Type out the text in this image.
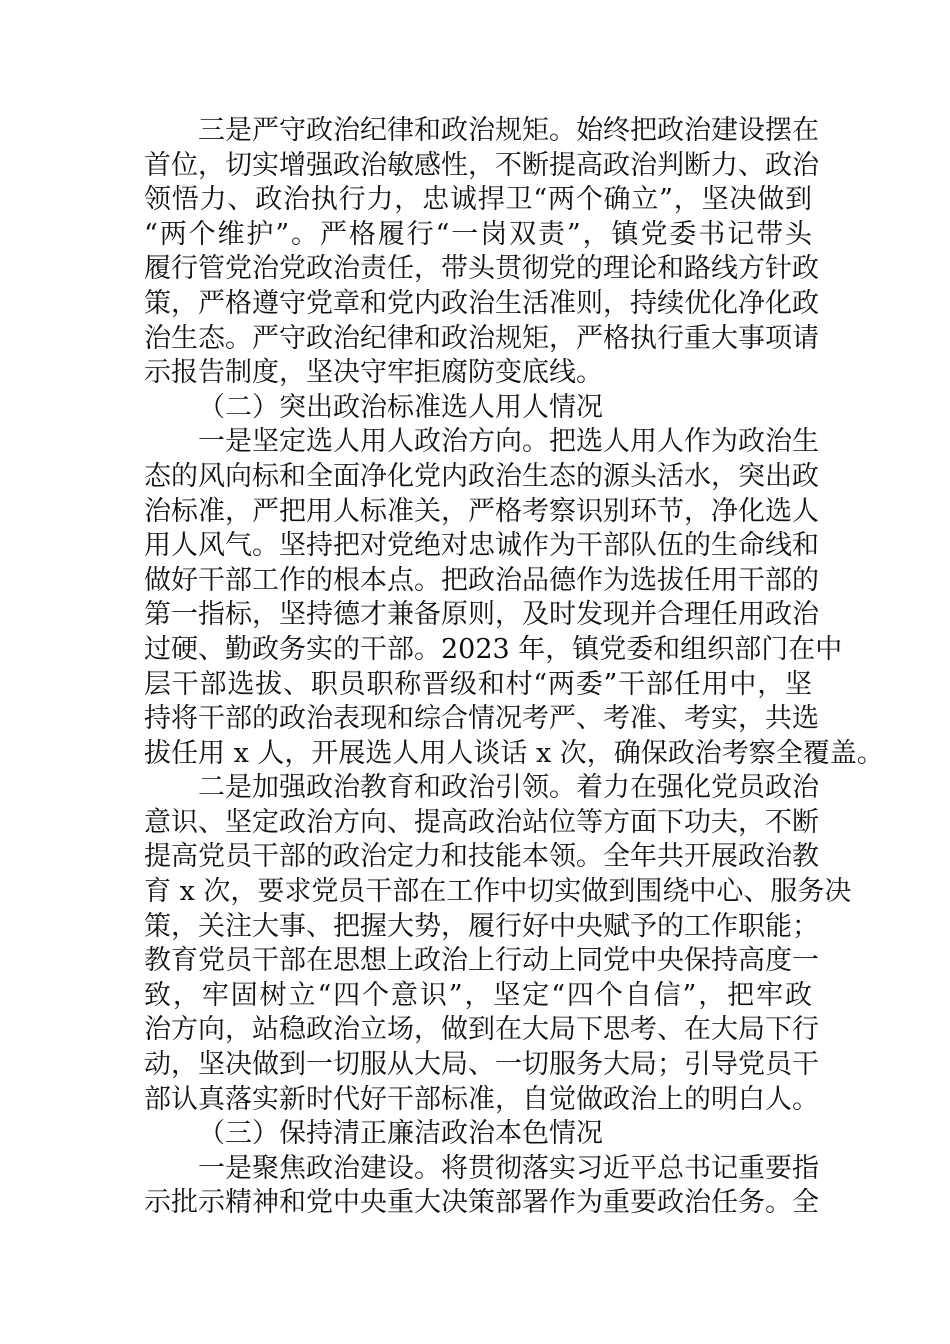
三是严守政治纪律和政治规矩。始终把政治建设摆在
首位，切实增强政治敏感性，不断提高政治判断力、政治
领悟力、政治执行力，忠诚捍卫“两个确立”，坚决做到
“两个维护”。严格履行“一岗双责”，镇党委书记带头
履行管党治党政治责任，带头贯彻党的理论和路线方针政
策，严格遵守党章和党内政治生活准则，持续优化净化政
治生态。严守政治纪律和政治规矩，严格执行重大事项请
示报告制度，坚决守牢拒腐防变底线。
（二）突出政治标准选人用人情况
一是坚定选人用人政治方向。把选人用人作为政治生
态的风向标和全面净化党内政治生态的源头活水，突出政
治标准，严把用人标准关，严格考察识别环节，净化选人
用人风气。坚持把对党绝对忠诚作为干部队伍的生命线和
做好干部工作的根本点。把政治品德作为选拔任用干部的
第一指标，坚持德才兼备原则，及时发现并合理任用政治
过硬、勤政务实的干部。2023 年，镇党委和组织部门在中
层干部选拔、职员职称晋级和村“两委”干部任用中，坚
持将干部的政治表现和综合情况考严、考准、考实，共选
拔任用 x 人，开展选人用人谈话 x 次，确保政治考察全覆盖。
二是加强政治教育和政治引领。着力在强化党员政治
意识、坚定政治方向、提高政治站位等方面下功夫，不断
提高党员干部的政治定力和技能本领。全年共开展政治教
育 x 次，要求党员干部在工作中切实做到围绕中心、服务决
策，关注大事、把握大势，履行好中央赋予的工作职能；
教育党员干部在思想上政治上行动上同党中央保持高度一
致，牢固树立“四个意识”，坚定“四个自信”，把牢政
治方向，站稳政治立场，做到在大局下思考、在大局下行
动，坚决做到一切服从大局、一切服务大局；引导党员干
部认真落实新时代好干部标准，自觉做政治上的明白人。
（三）保持清正廉洁政治本色情况
一是聚焦政治建设。将贯彻落实习近平总书记重要指
示批示精神和党中央重大决策部署作为重要政治任务。全
